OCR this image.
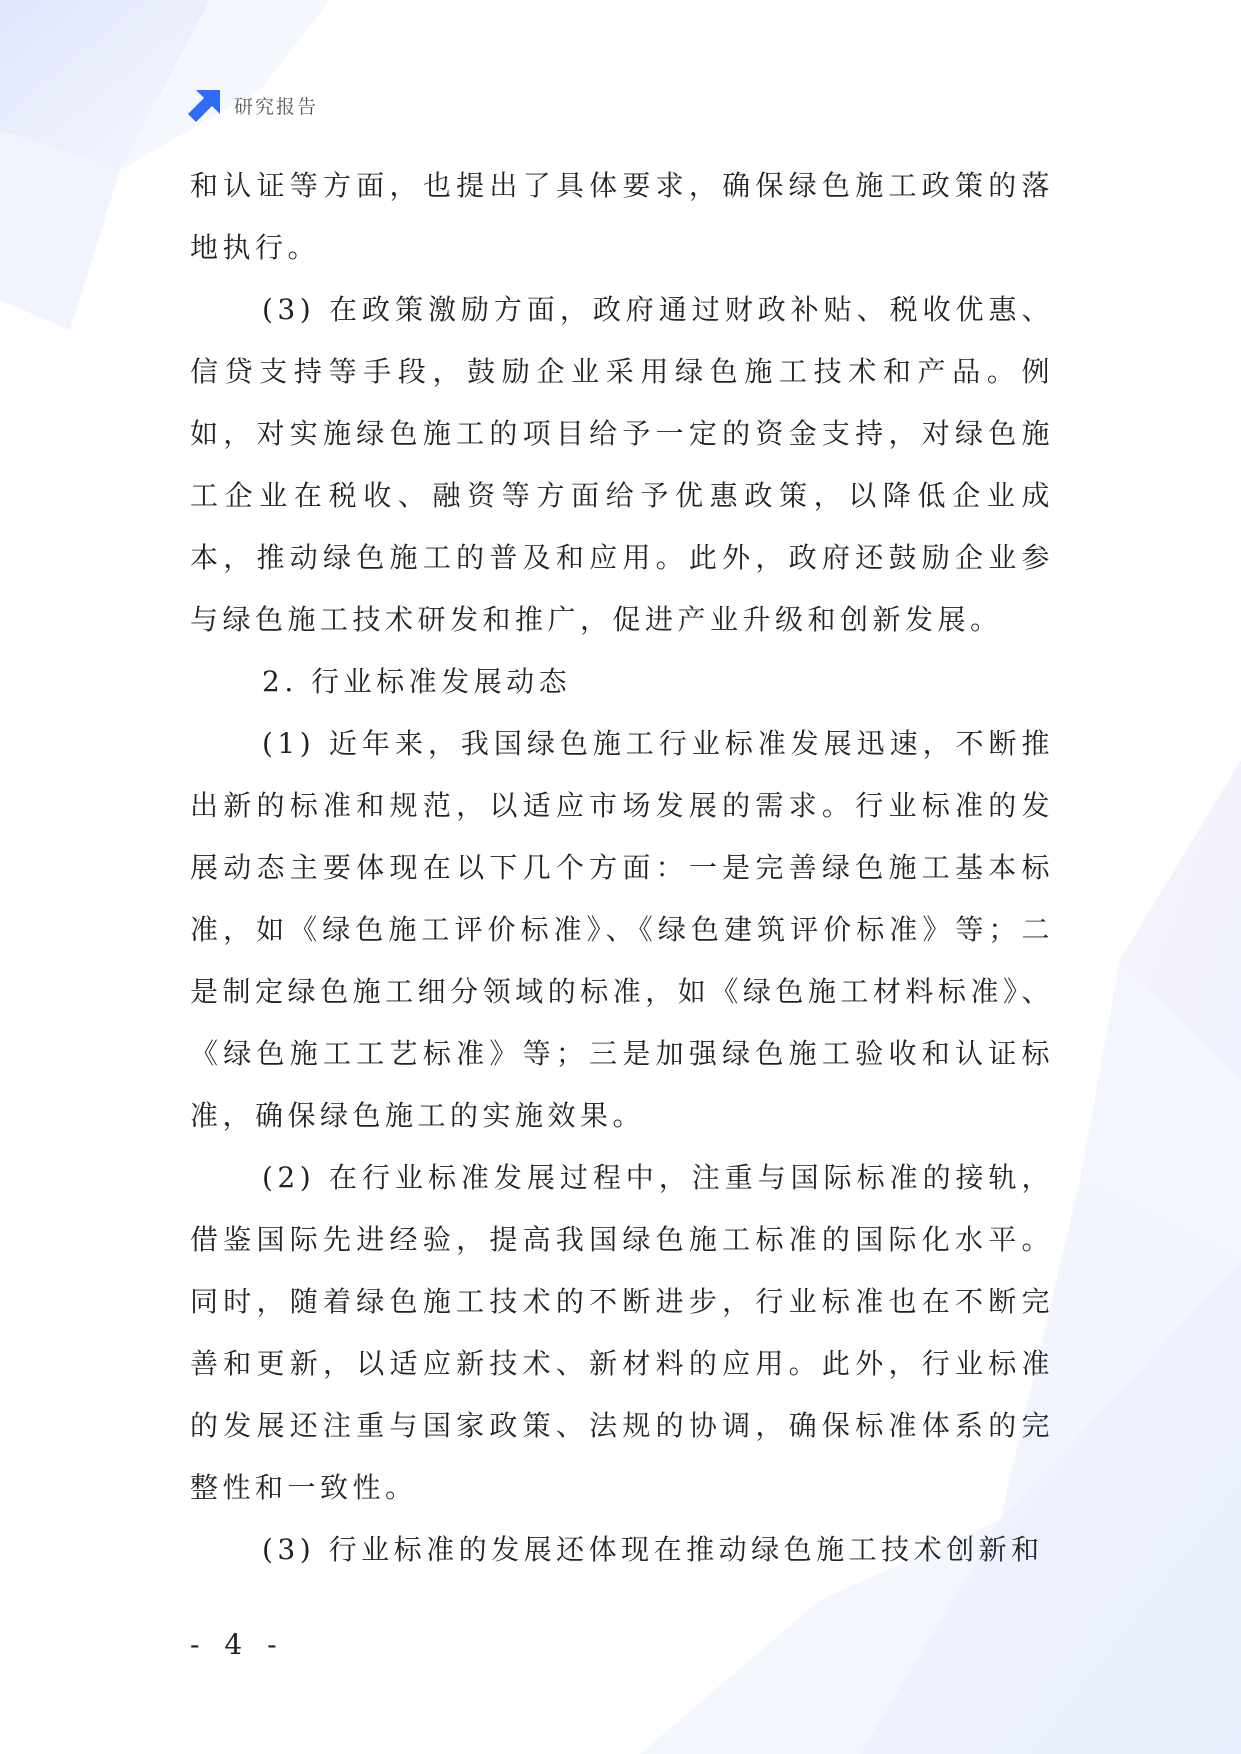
研究报告

和认证等方面，也提出了具体要求，确保绿色施工政策的落地执行。

(3) 在政策激励方面，政府通过财政补贴、税收优惠、信贷支持等手段，鼓励企业采用绿色施工技术和产品。例如，对实施绿色施工的项目给予一定的资金支持，对绿色施工企业在税收、融资等方面给予优惠政策，以降低企业成本，推动绿色施工的普及和应用。此外，政府还鼓励企业参与绿色施工技术研发和推广，促进产业升级和创新发展。

2. 行业标准发展动态

(1) 近年来，我国绿色施工行业标准发展迅速，不断推出新的标准和规范，以适应市场发展的需求。行业标准的发展动态主要体现在以下几个方面：一是完善绿色施工基本标准，如《绿色施工评价标准》、《绿色建筑评价标准》等；二是制定绿色施工细分领域的标准，如《绿色施工材料标准》、《绿色施工工艺标准》等；三是加强绿色施工验收和认证标准，确保绿色施工的实施效果。

(2) 在行业标准发展过程中，注重与国际标准的接轨，借鉴国际先进经验，提高我国绿色施工标准的国际化水平。同时，随着绿色施工技术的不断进步，行业标准也在不断完善和更新，以适应新技术、新材料的应用。此外，行业标准的发展还注重与国家政策、法规的协调，确保标准体系的完整性和一致性。

(3) 行业标准的发展还体现在推动绿色施工技术创新和

- 4 -
